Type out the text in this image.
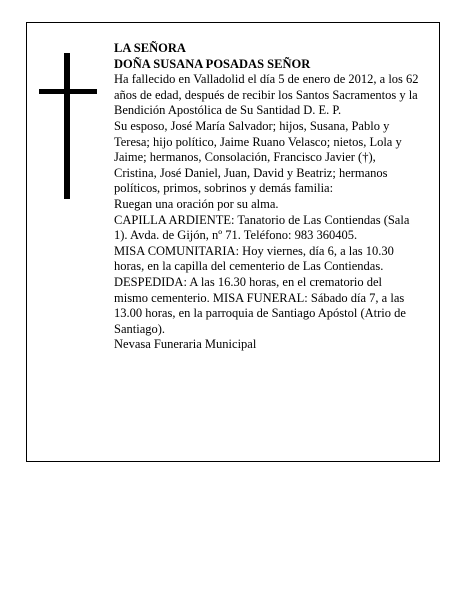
LA SEÑORA

DOÑA SUSANA POSADAS SEÑOR

Ha fallecido en Valladolid el día 5 de enero de 2012, a los 62 años de edad, después de recibir los Santos Sacramentos y la Bendición Apostólica de Su Santidad D. E. P.

Su esposo, José María Salvador; hijos, Susana, Pablo y Teresa; hijo político, Jaime Ruano Velasco; nietos, Lola y Jaime; hermanos, Consolación, Francisco Javier (†), Cristina, José Daniel, Juan, David y Beatriz; hermanos políticos, primos, sobrinos y demás familia:

Ruegan una oración por su alma.

CAPILLA ARDIENTE: Tanatorio de Las Contiendas (Sala 1). Avda. de Gijón, nº 71. Teléfono: 983 360405.

MISA COMUNITARIA: Hoy viernes, día 6, a las 10.30 horas, en la capilla del cementerio de Las Contiendas.

DESPEDIDA: A las 16.30 horas, en el crematorio del mismo cementerio. MISA FUNERAL: Sábado día 7, a las 13.00 horas, en la parroquia de Santiago Apóstol (Atrio de Santiago).

Nevasa Funeraria Municipal
